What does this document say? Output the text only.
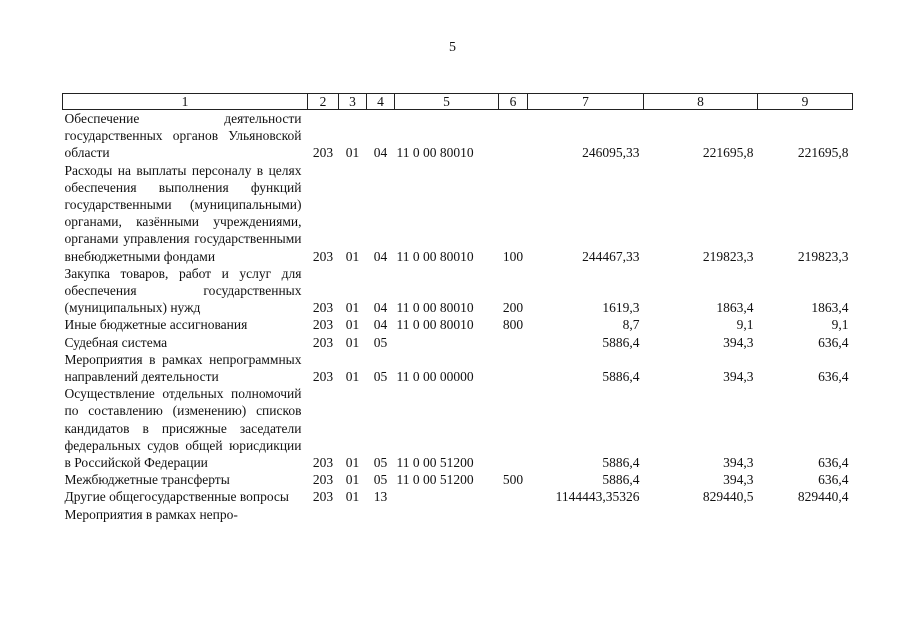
5
1	2	3	4	5	6	7	8	9
Обеспечение деятельности государственных органов Ульяновской области	203	01	04	11 0 00 80010		246095,33	221695,8	221695,8
Расходы на выплаты персоналу в целях обеспечения выполнения функций государственными (муниципальными) органами, казёнными учреждениями, органами управления государственными внебюджетными фондами	203	01	04	11 0 00 80010	100	244467,33	219823,3	219823,3
Закупка товаров, работ и услуг для обеспечения государственных (муниципальных) нужд	203	01	04	11 0 00 80010	200	1619,3	1863,4	1863,4
Иные бюджетные ассигнования	203	01	04	11 0 00 80010	800	8,7	9,1	9,1
Судебная система	203	01	05			5886,4	394,3	636,4
Мероприятия в рамках непрограммных направлений деятельности	203	01	05	11 0 00 00000		5886,4	394,3	636,4
Осуществление отдельных полномочий по составлению (изменению) списков кандидатов в присяжные заседатели федеральных судов общей юрисдикции в Российской Федерации	203	01	05	11 0 00 51200		5886,4	394,3	636,4
Межбюджетные трансферты	203	01	05	11 0 00 51200	500	5886,4	394,3	636,4
Другие общегосударственные вопросы	203	01	13			1144443,35326	829440,5	829440,4
Мероприятия в рамках непро-								
